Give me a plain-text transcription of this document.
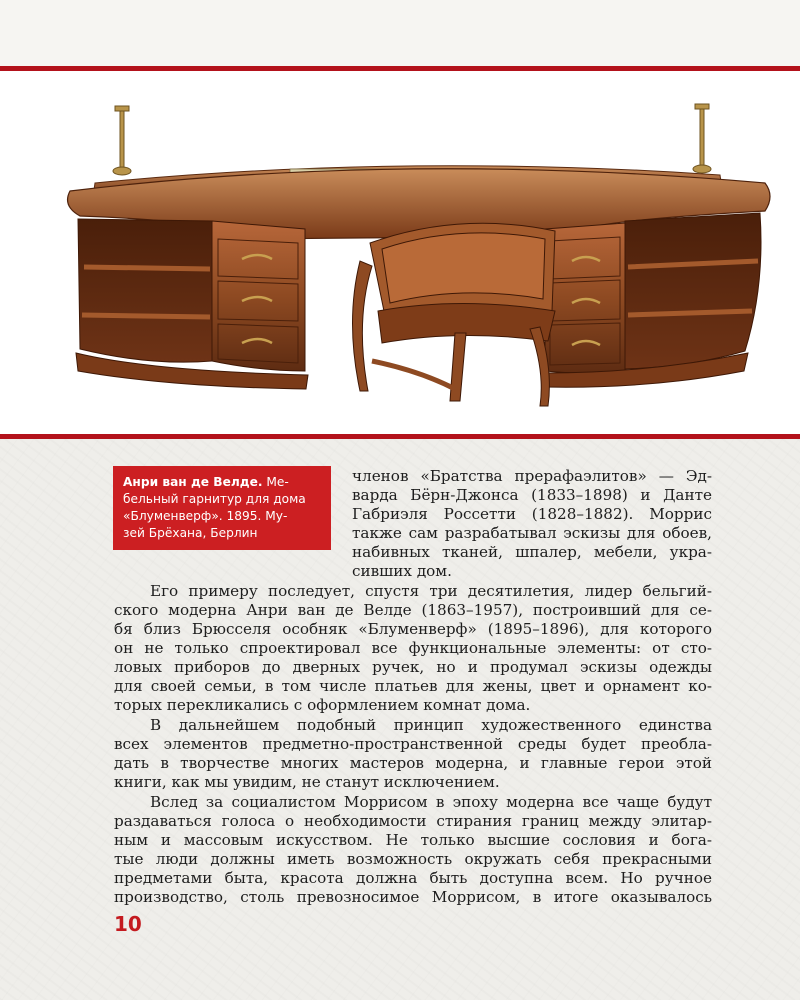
Анри ван де Велде. Ме-
бельный гарнитур для дома
«Блуменверф». 1895. Му-
зей Брёхана, Берлин
членов «Братства прерафаэлитов» — Эд-
варда Бёрн-Джонса (1833–1898) и Данте
Габриэля Россетти (1828–1882). Моррис
также сам разрабатывал эскизы для обоев,
набивных тканей, шпалер, мебели, укра-
сивших дом.
Его примеру последует, спустя три десятилетия, лидер бельгий-
ского модерна Анри ван де Велде (1863–1957), построивший для се-
бя близ Брюсселя особняк «Блуменверф» (1895–1896), для которого
он не только спроектировал все функциональные элементы: от сто-
ловых приборов до дверных ручек, но и продумал эскизы одежды
для своей семьи, в том числе платьев для жены, цвет и орнамент ко-
торых перекликались с оформлением комнат дома.
В дальнейшем подобный принцип художественного единства
всех элементов предметно-пространственной среды будет преобла-
дать в творчестве многих мастеров модерна, и главные герои этой
книги, как мы увидим, не станут исключением.
Вслед за социалистом Моррисом в эпоху модерна все чаще будут
раздаваться голоса о необходимости стирания границ между элитар-
ным и массовым искусством. Не только высшие сословия и бога-
тые люди должны иметь возможность окружать себя прекрасными
предметами быта, красота должна быть доступна всем. Но ручное
производство, столь превозносимое Моррисом, в итоге оказывалось
10
